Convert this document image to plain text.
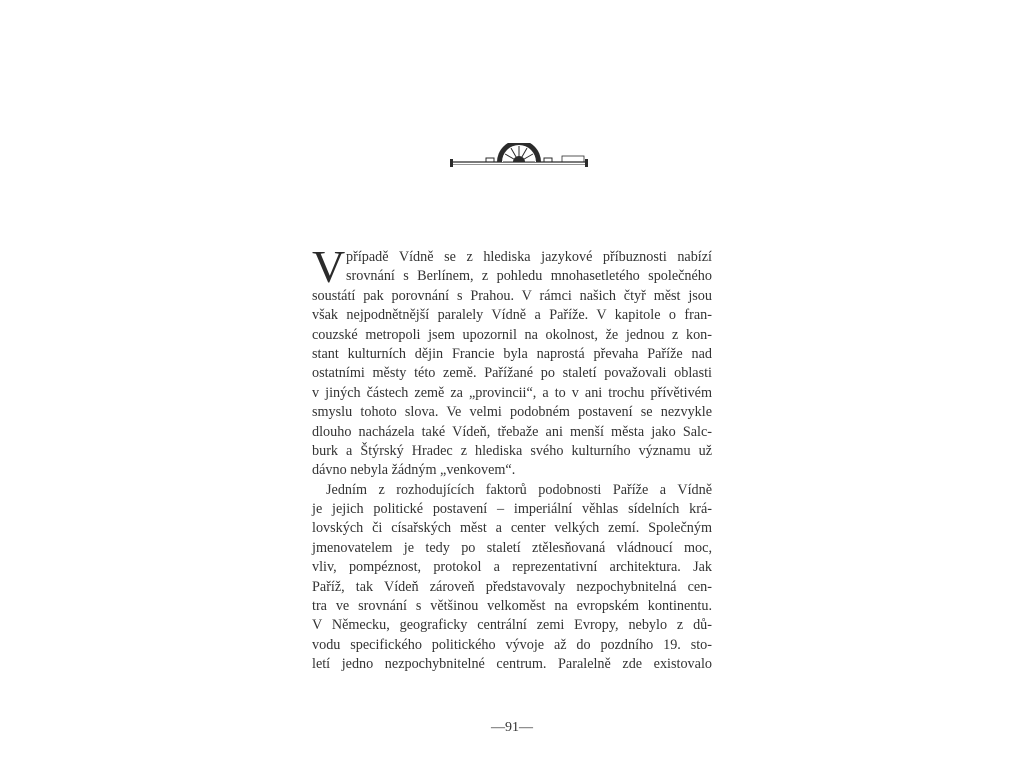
V případě Vídně se z hlediska jazykové příbuznosti nabízí
srovnání s Berlínem, z pohledu mnohasetletého společného
soustátí pak porovnání s Prahou. V rámci našich čtyř měst jsou
však nejpodnětnější paralely Vídně a Paříže. V kapitole o fran-
couzské metropoli jsem upozornil na okolnost, že jednou z kon-
stant kulturních dějin Francie byla naprostá převaha Paříže nad
ostatními městy této země. Pařížané po staletí považovali oblasti
v jiných částech země za „provincii“, a to v ani trochu přívětivém
smyslu tohoto slova. Ve velmi podobném postavení se nezvykle
dlouho nacházela také Vídeň, třebaže ani menší města jako Salc-
burk a Štýrský Hradec z hlediska svého kulturního významu už
dávno nebyla žádným „venkovem“.
Jedním z rozhodujících faktorů podobnosti Paříže a Vídně
je jejich politické postavení – imperiální věhlas sídelních krá-
lovských či císařských měst a center velkých zemí. Společným
jmenovatelem je tedy po staletí ztělesňovaná vládnoucí moc,
vliv, pompéznost, protokol a reprezentativní architektura. Jak
Paříž, tak Vídeň zároveň představovaly nezpochybnitelná cen-
tra ve srovnání s většinou velkoměst na evropském kontinentu.
V Německu, geograficky centrální zemi Evropy, nebylo z dů-
vodu specifického politického vývoje až do pozdního 19. sto-
letí jedno nezpochybnitelné centrum. Paralelně zde existovalo
—91—
